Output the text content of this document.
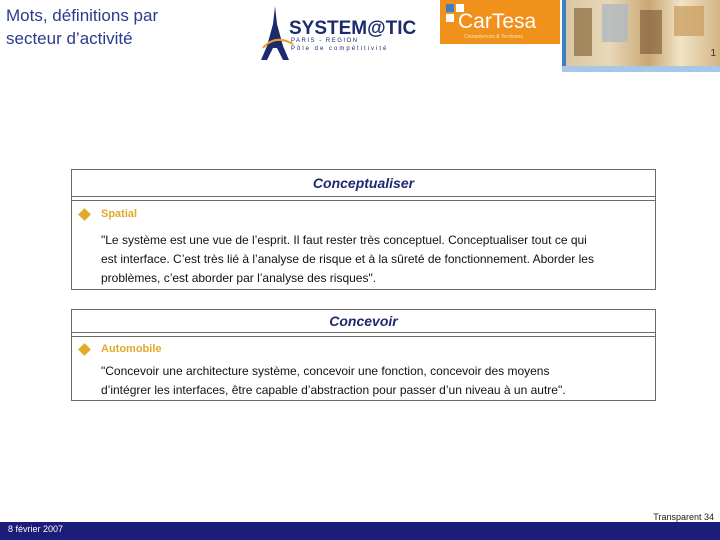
Mots, définitions par
secteur d’activité	SYSTEM@TIC
PARIS - REGION
Pôle de compétitivité
CarTesa
Compétences & Territoires
1
Conceptualiser
Spatial
"Le système est une vue de l’esprit. Il faut rester très conceptuel. Conceptualiser tout ce qui
est interface. C’est très lié à l’analyse de risque et à la sûreté de fonctionnement. Aborder les
problèmes, c’est aborder par l’analyse des risques".
Concevoir
Automobile
"Concevoir une architecture système, concevoir une fonction, concevoir des moyens
d’intégrer les interfaces, être capable d’abstraction pour passer d’un niveau à un autre".
Transparent 34
8 février 2007
